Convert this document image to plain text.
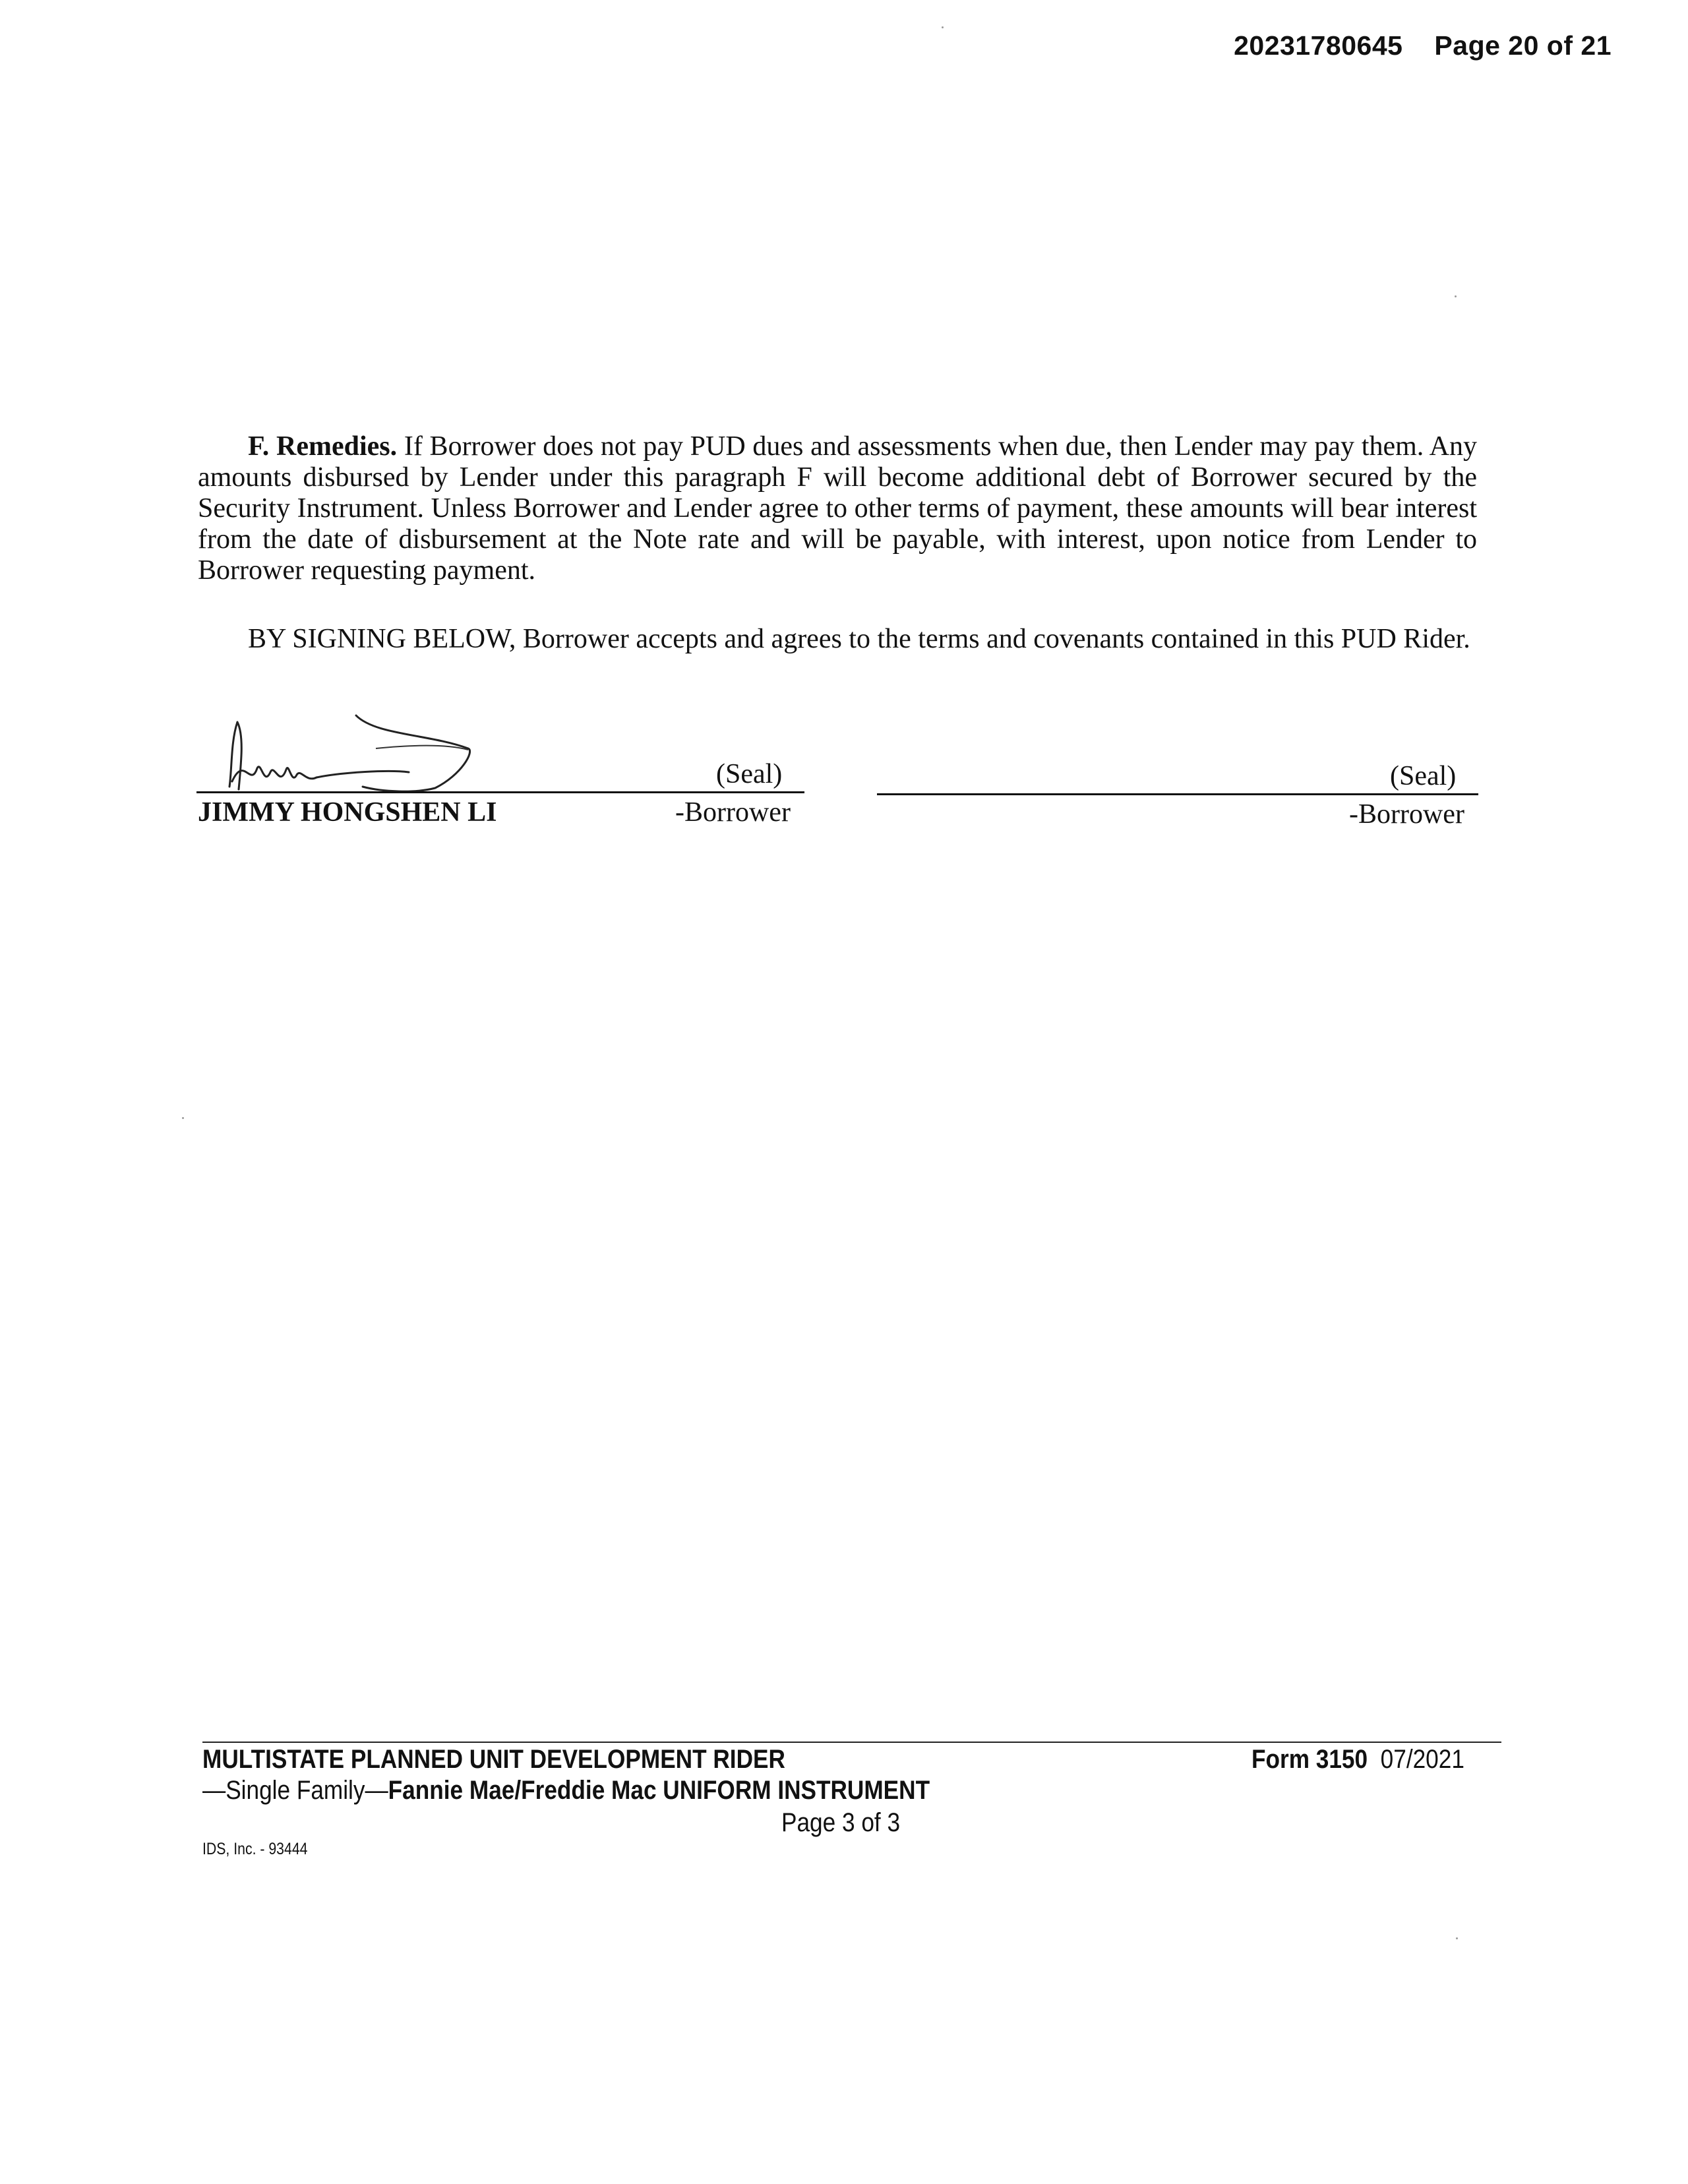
20231780645 Page 20 of 21

F. Remedies. If Borrower does not pay PUD dues and assessments when due, then Lender may pay them. Any amounts disbursed by Lender under this paragraph F will become additional debt of Borrower secured by the Security Instrument. Unless Borrower and Lender agree to other terms of payment, these amounts will bear interest from the date of disbursement at the Note rate and will be payable, with interest, upon notice from Lender to Borrower requesting payment.

BY SIGNING BELOW, Borrower accepts and agrees to the terms and covenants contained in this PUD Rider.

(Seal)
JIMMY HONGSHEN LI	-Borrower
(Seal)
-Borrower
MULTISTATE PLANNED UNIT DEVELOPMENT RIDER
—Single Family—Fannie Mae/Freddie Mac UNIFORM INSTRUMENT
Form 3150 07/2021
Page 3 of 3
IDS, Inc. - 93444
